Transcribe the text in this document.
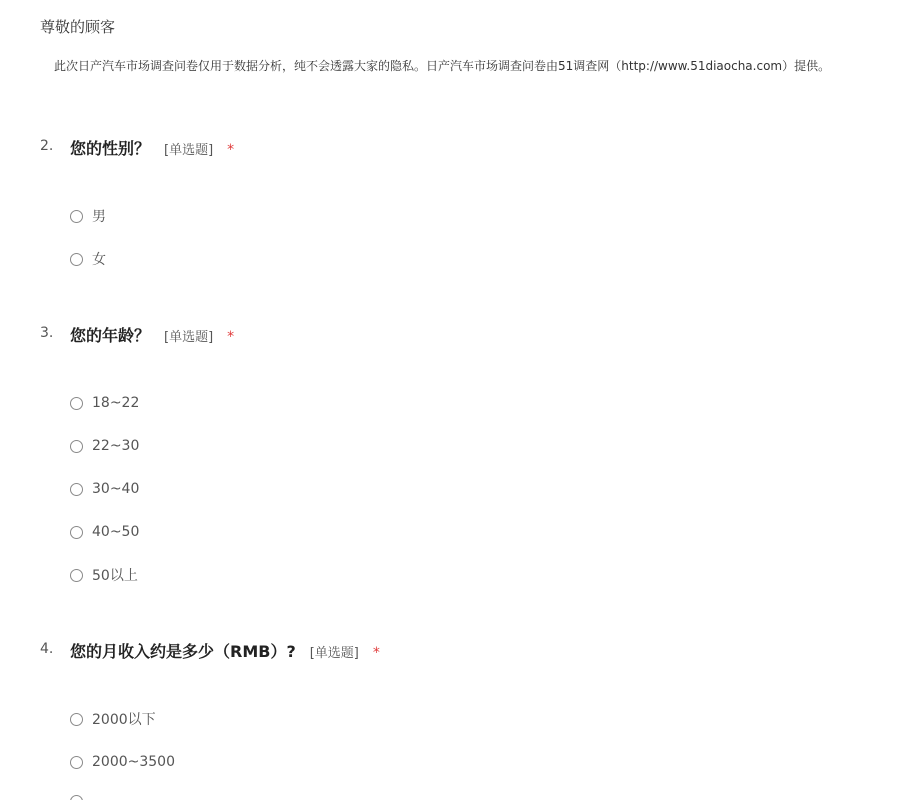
尊敬的顾客

此次日产汽车市场调查问卷仅用于数据分析，纯不会透露大家的隐私。日产汽车市场调查问卷由51调查网（http://www.51diaocha.com）提供。

2. 您的性别？ [单选题] *
男
女
3. 您的年龄？ [单选题] *
18~22
22~30
30~40
40~50
50以上
4. 您的月收入约是多少（RMB）? [单选题] *
2000以下
2000~3500
